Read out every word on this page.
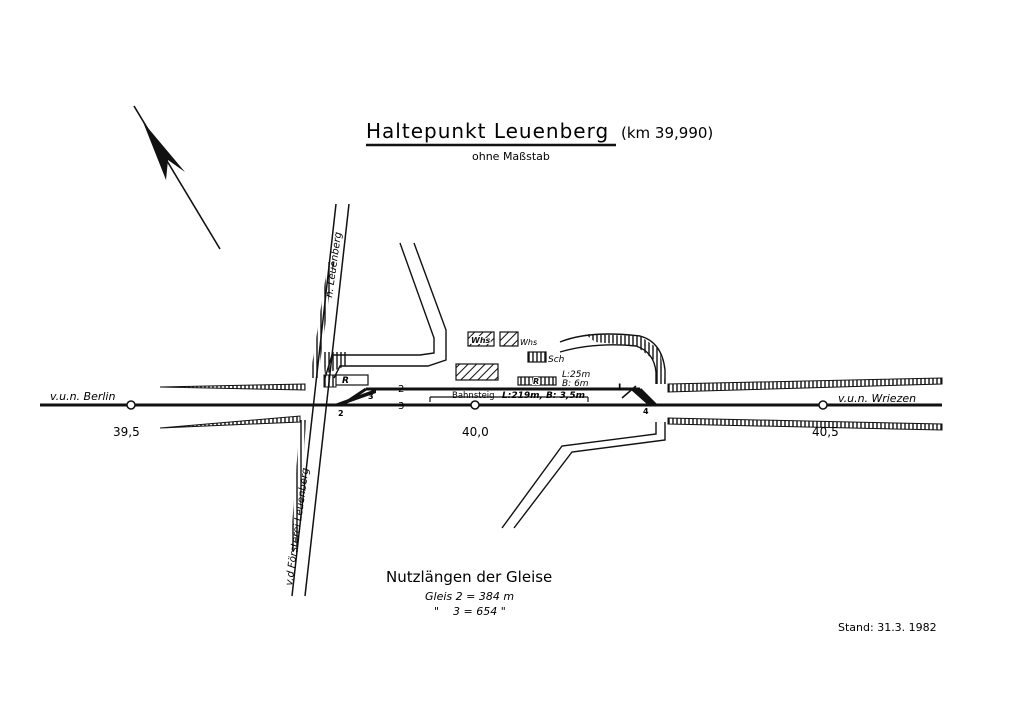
Haltepunkt Leuenberg (km 39,990)
ohne Maßstab
Bahnsteig L:219m, B: 3,5m
n. Leuenberg
v.d Försterei Leuenberg
R
Whs	Whs
Sch
R
L:25m
B: 6m
2
3
2
3
4
I
v.u.n. Berlin	v.u.n. Wriezen
39,5	40,0	40,5
Nutzlängen der Gleise
Gleis 2 = 384 m
"    3 = 654 "
Stand: 31.3. 1982
